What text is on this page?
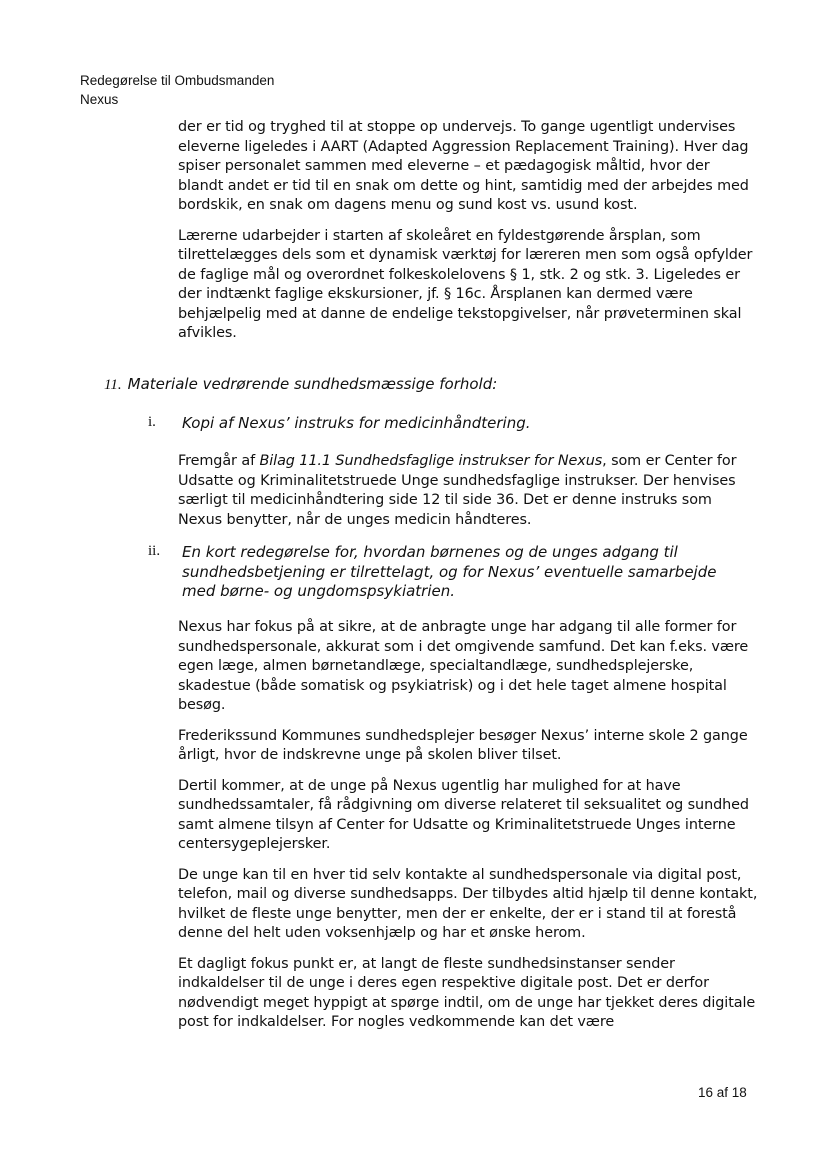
Redegørelse til Ombudsmanden
Nexus

der er tid og tryghed til at stoppe op undervejs. To gange ugentligt undervises eleverne ligeledes i AART (Adapted Aggression Replacement Training). Hver dag spiser personalet sammen med eleverne – et pædagogisk måltid, hvor der blandt andet er tid til en snak om dette og hint, samtidig med der arbejdes med bordskik, en snak om dagens menu og sund kost vs. usund kost.

Lærerne udarbejder i starten af skoleåret en fyldestgørende årsplan, som tilrettelægges dels som et dynamisk værktøj for læreren men som også opfylder de faglige mål og overordnet folkeskolelovens § 1, stk. 2 og stk. 3. Ligeledes er der indtænkt faglige ekskursioner, jf. § 16c. Årsplanen kan dermed være behjælpelig med at danne de endelige tekstopgivelser, når prøveterminen skal afvikles.

11. Materiale vedrørende sundhedsmæssige forhold:
i. Kopi af Nexus’ instruks for medicinhåndtering.

Fremgår af Bilag 11.1 Sundhedsfaglige instrukser for Nexus, som er Center for Udsatte og Kriminalitetstruede Unge sundhedsfaglige instrukser. Der henvises særligt til medicinhåndtering side 12 til side 36. Det er denne instruks som Nexus benytter, når de unges medicin håndteres.

ii. En kort redegørelse for, hvordan børnenes og de unges adgang til sundhedsbetjening er tilrettelagt, og for Nexus’ eventuelle samarbejde med børne- og ungdomspsykiatrien.

Nexus har fokus på at sikre, at de anbragte unge har adgang til alle former for sundhedspersonale, akkurat som i det omgivende samfund. Det kan f.eks. være egen læge, almen børnetandlæge, specialtandlæge, sundhedsplejerske, skadestue (både somatisk og psykiatrisk) og i det hele taget almene hospital besøg.

Frederikssund Kommunes sundhedsplejer besøger Nexus’ interne skole 2 gange årligt, hvor de indskrevne unge på skolen bliver tilset.

Dertil kommer, at de unge på Nexus ugentlig har mulighed for at have sundhedssamtaler, få rådgivning om diverse relateret til seksualitet og sundhed samt almene tilsyn af Center for Udsatte og Kriminalitetstruede Unges interne centersygeplejersker.

De unge kan til en hver tid selv kontakte al sundhedspersonale via digital post, telefon, mail og diverse sundhedsapps. Der tilbydes altid hjælp til denne kontakt, hvilket de fleste unge benytter, men der er enkelte, der er i stand til at forestå denne del helt uden voksenhjælp og har et ønske herom.

Et dagligt fokus punkt er, at langt de fleste sundhedsinstanser sender indkaldelser til de unge i deres egen respektive digitale post. Det er derfor nødvendigt meget hyppigt at spørge indtil, om de unge har tjekket deres digitale post for indkaldelser. For nogles vedkommende kan det være

16 af 18
